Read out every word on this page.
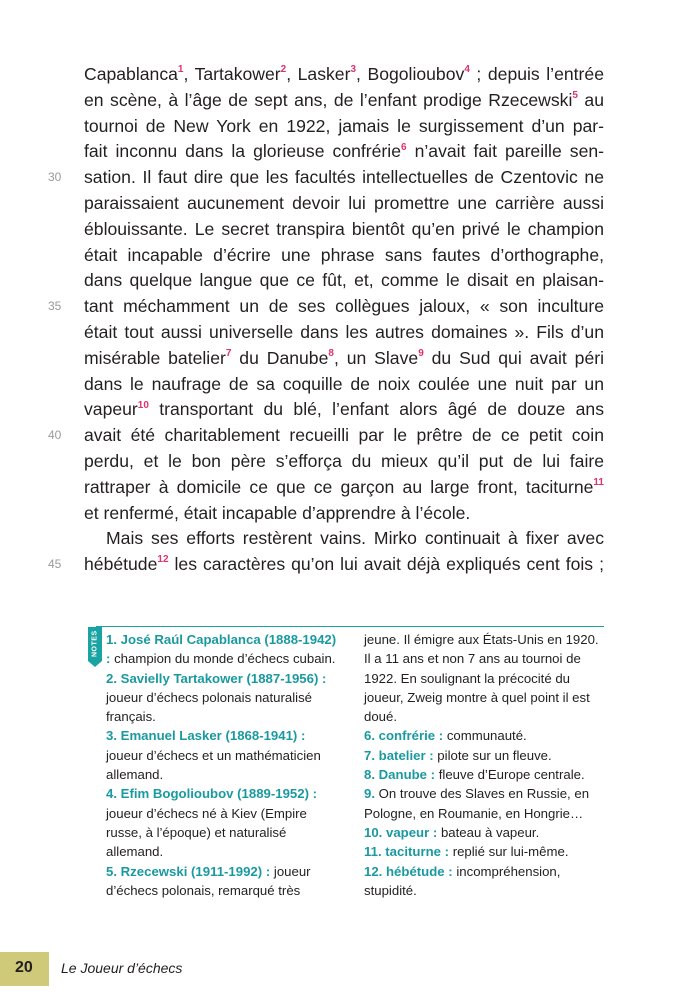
Capablanca$^1$, Tartakower$^2$, Lasker$^3$, Bogolioubov$^4$ ; depuis l’entrée
en scène, à l’âge de sept ans, de l’enfant prodige Rzecewski$^5$ au
tournoi de New York en 1922, jamais le surgissement d’un par-
fait inconnu dans la glorieuse confrérie$^6$ n’avait fait pareille sen-
30	sation. Il faut dire que les facultés intellectuelles de Czentovic ne
paraissaient aucunement devoir lui promettre une carrière aussi
éblouissante. Le secret transpira bientôt qu’en privé le champion
était incapable d’écrire une phrase sans fautes d’orthographe,
dans quelque langue que ce fût, et, comme le disait en plaisan-
35	tant méchamment un de ses collègues jaloux, « son inculture
était tout aussi universelle dans les autres domaines ». Fils d’un
misérable batelier$^7$ du Danube$^8$, un Slave$^9$ du Sud qui avait péri
dans le naufrage de sa coquille de noix coulée une nuit par un
vapeur$^{10}$ transportant du blé, l’enfant alors âgé de douze ans
40	avait été charitablement recueilli par le prêtre de ce petit coin
perdu, et le bon père s’efforça du mieux qu’il put de lui faire
rattraper à domicile ce que ce garçon au large front, taciturne$^{11}$
et renfermé, était incapable d’apprendre à l’école.
Mais ses efforts restèrent vains. Mirko continuait à fixer avec
45	hébétude$^{12}$ les caractères qu’on lui avait déjà expliqués cent fois ;
NOTES 1. José Raúl Capablanca (1888-1942) : champion du monde d’échecs cubain.

2. Savielly Tartakower (1887-1956) : joueur d’échecs polonais naturalisé français.

3. Emanuel Lasker (1868-1941) : joueur d’échecs et un mathématicien allemand.

4. Efim Bogolioubov (1889-1952) : joueur d’échecs né à Kiev (Empire russe, à l’époque) et naturalisé allemand.

5. Rzecewski (1911-1992) : joueur d’échecs polonais, remarqué très

jeune. Il émigre aux États-Unis en 1920. Il a 11 ans et non 7 ans au tournoi de 1922. En soulignant la précocité du joueur, Zweig montre à quel point il est doué.

6. confrérie : communauté.

7. batelier : pilote sur un fleuve.

8. Danube : fleuve d’Europe centrale.

9. On trouve des Slaves en Russie, en Pologne, en Roumanie, en Hongrie…

10. vapeur : bateau à vapeur.

11. taciturne : replié sur lui-même.

12. hébétude : incompréhension, stupidité.

20 Le Joueur d’échecs
